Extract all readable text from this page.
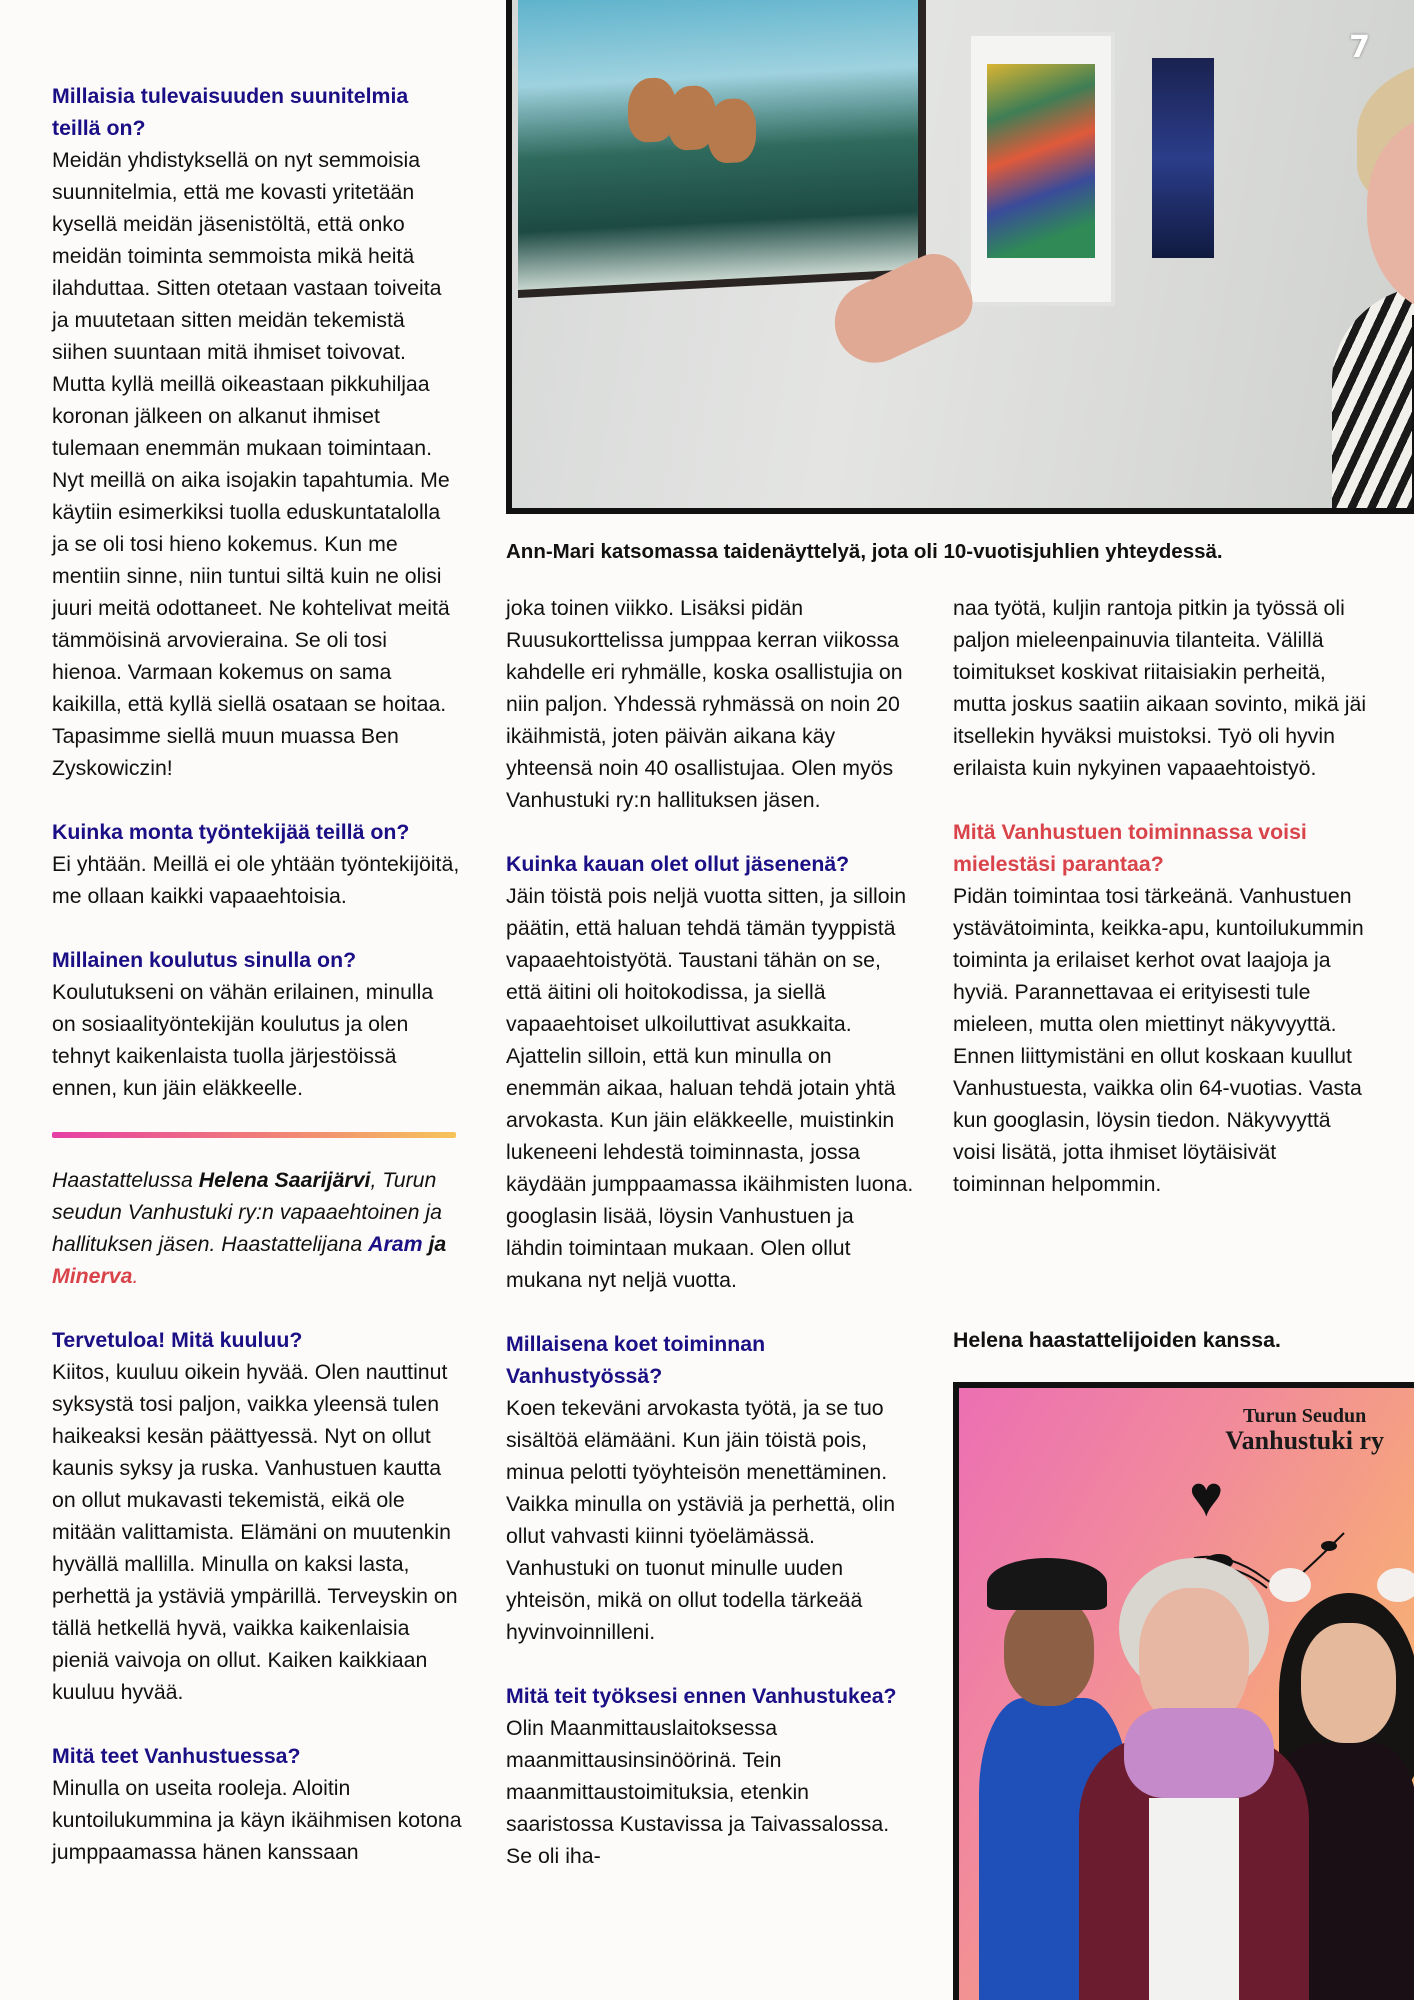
7
Ann-Mari katsomassa taidenäyttelyä, jota oli 10-vuotisjuhlien yhteydessä.

Millaisia tulevaisuuden suunitelmia teillä on?

Meidän yhdistyksellä on nyt semmoisia suunnitelmia, että me kovasti yritetään kysellä meidän jäsenistöltä, että onko meidän toiminta semmoista mikä heitä ilahduttaa. Sitten otetaan vastaan toiveita ja muutetaan sitten meidän tekemistä siihen suuntaan mitä ihmiset toivovat. Mutta kyllä meillä oikeastaan pikkuhiljaa koronan jälkeen on alkanut ihmiset tulemaan enemmän mukaan toimintaan. Nyt meillä on aika isojakin tapahtumia. Me käytiin esimerkiksi tuolla eduskuntatalolla ja se oli tosi hieno kokemus. Kun me mentiin sinne, niin tuntui siltä kuin ne olisi juuri meitä odottaneet. Ne kohtelivat meitä tämmöisinä arvovieraina. Se oli tosi hienoa. Varmaan kokemus on sama kaikilla, että kyllä siellä osataan se hoitaa. Tapasimme siellä muun muassa Ben Zyskowiczin!

Kuinka monta työntekijää teillä on?

Ei yhtään. Meillä ei ole yhtään työntekijöitä, me ollaan kaikki vapaaehtoisia.

Millainen koulutus sinulla on?

Koulutukseni on vähän erilainen, minulla on sosiaalityöntekijän koulutus ja olen tehnyt kaikenlaista tuolla järjestöissä ennen, kun jäin eläkkeelle.

Haastattelussa Helena Saarijärvi, Turun seudun Vanhustuki ry:n vapaaehtoinen ja hallituksen jäsen. Haastattelijana Aram ja Minerva.

Tervetuloa! Mitä kuuluu?

Kiitos, kuuluu oikein hyvää. Olen nauttinut syksystä tosi paljon, vaikka yleensä tulen haikeaksi kesän päättyessä. Nyt on ollut kaunis syksy ja ruska. Vanhustuen kautta on ollut mukavasti tekemistä, eikä ole mitään valittamista. Elämäni on muutenkin hyvällä mallilla. Minulla on kaksi lasta, perhettä ja ystäviä ympärillä. Terveyskin on tällä hetkellä hyvä, vaikka kaikenlaisia pieniä vaivoja on ollut. Kaiken kaikkiaan kuuluu hyvää.

Mitä teet Vanhustuessa?

Minulla on useita rooleja. Aloitin kuntoilukummina ja käyn ikäihmisen kotona jumppaamassa hänen kanssaan

joka toinen viikko. Lisäksi pidän Ruusukorttelissa jumppaa kerran viikossa kahdelle eri ryhmälle, koska osallistujia on niin paljon. Yhdessä ryhmässä on noin 20 ikäihmistä, joten päivän aikana käy yhteensä noin 40 osallistujaa. Olen myös Vanhustuki ry:n hallituksen jäsen.

Kuinka kauan olet ollut jäsenenä?

Jäin töistä pois neljä vuotta sitten, ja silloin päätin, että haluan tehdä tämän tyyppistä vapaaehtoistyötä. Taustani tähän on se, että äitini oli hoitokodissa, ja siellä vapaaehtoiset ulkoiluttivat asukkaita. Ajattelin silloin, että kun minulla on enemmän aikaa, haluan tehdä jotain yhtä arvokasta. Kun jäin eläkkeelle, muistinkin lukeneeni lehdestä toiminnasta, jossa käydään jumppaamassa ikäihmisten luona. googlasin lisää, löysin Vanhustuen ja lähdin toimintaan mukaan. Olen ollut mukana nyt neljä vuotta.

Millaisena koet toiminnan Vanhustyössä?

Koen tekeväni arvokasta työtä, ja se tuo sisältöä elämääni. Kun jäin töistä pois, minua pelotti työyhteisön menettäminen. Vaikka minulla on ystäviä ja perhettä, olin ollut vahvasti kiinni työelämässä. Vanhustuki on tuonut minulle uuden yhteisön, mikä on ollut todella tärkeää hyvinvoinnilleni.

Mitä teit työksesi ennen Vanhustukea?

Olin Maanmittauslaitoksessa maanmittausinsinöörinä. Tein maanmittaustoimituksia, etenkin saaristossa Kustavissa ja Taivassalossa. Se oli iha-

naa työtä, kuljin rantoja pitkin ja työssä oli paljon mieleenpainuvia tilanteita. Välillä toimitukset koskivat riitaisiakin perheitä, mutta joskus saatiin aikaan sovinto, mikä jäi itsellekin hyväksi muistoksi. Työ oli hyvin erilaista kuin nykyinen vapaaehtoistyö.

Mitä Vanhustuen toiminnassa voisi mielestäsi parantaa?

Pidän toimintaa tosi tärkeänä. Vanhustuen ystävätoiminta, keikka-apu, kuntoilukummin toiminta ja erilaiset kerhot ovat laajoja ja hyviä. Parannettavaa ei erityisesti tule mieleen, mutta olen miettinyt näkyvyyttä. Ennen liittymistäni en ollut koskaan kuullut Vanhustuesta, vaikka olin 64-vuotias. Vasta kun googlasin, löysin tiedon. Näkyvyyttä voisi lisätä, jotta ihmiset löytäisivät toiminnan helpommin.

Helena haastattelijoiden kanssa.
Turun Seudun
Vanhustuki ry
♥
